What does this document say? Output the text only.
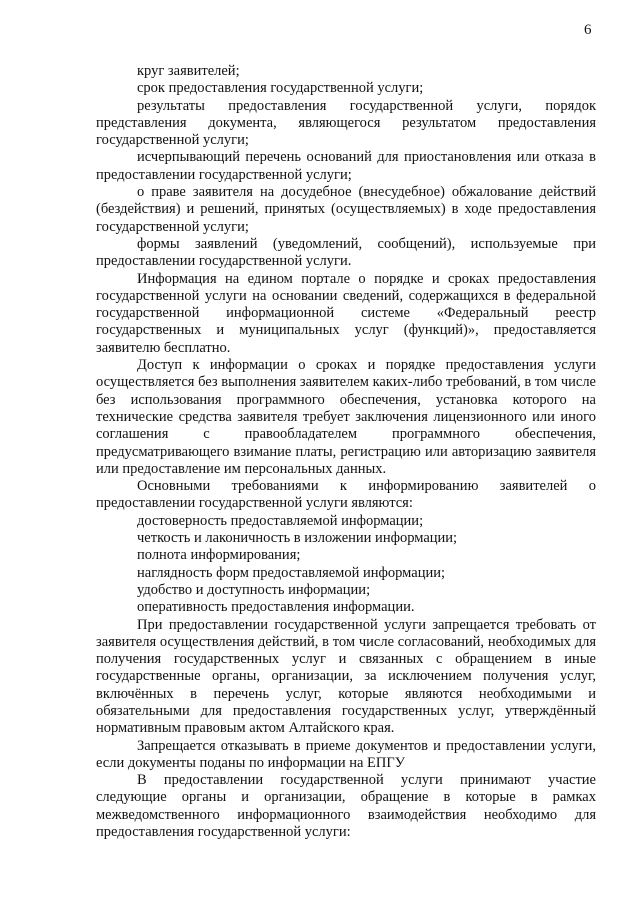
6

круг заявителей;

срок предоставления государственной услуги;

результаты предоставления государственной услуги, порядок представления документа, являющегося результатом предоставления государственной услуги;

исчерпывающий перечень оснований для приостановления или отказа в предоставлении государственной услуги;

о праве заявителя на досудебное (внесудебное) обжалование действий (бездействия) и решений, принятых (осуществляемых) в ходе предоставления государственной услуги;

формы заявлений (уведомлений, сообщений), используемые при предоставлении государственной услуги.

Информация на едином портале о порядке и сроках предоставления государственной услуги на основании сведений, содержащихся в федеральной государственной информационной системе «Федеральный реестр государственных и муниципальных услуг (функций)», предоставляется заявителю бесплатно.

Доступ к информации о сроках и порядке предоставления услуги осуществляется без выполнения заявителем каких-либо требований, в том числе без использования программного обеспечения, установка которого на технические средства заявителя требует заключения лицензионного или иного соглашения с правообладателем программного обеспечения, предусматривающего взимание платы, регистрацию или авторизацию заявителя или предоставление им персональных данных.

Основными требованиями к информированию заявителей о предоставлении государственной услуги являются:

достоверность предоставляемой информации;

четкость и лаконичность в изложении информации;

полнота информирования;

наглядность форм предоставляемой информации;

удобство и доступность информации;

оперативность предоставления информации.

При предоставлении государственной услуги запрещается требовать от заявителя осуществления действий, в том числе согласований, необходимых для получения государственных услуг и связанных с обращением в иные государственные органы, организации, за исключением получения услуг, включённых в перечень услуг, которые являются необходимыми и обязательными для предоставления государственных услуг, утверждённый нормативным правовым актом Алтайского края.

Запрещается отказывать в приеме документов и предоставлении услуги, если документы поданы по информации на ЕПГУ

В предоставлении государственной услуги принимают участие следующие органы и организации, обращение в которые в рамках межведомственного информационного взаимодействия необходимо для предоставления государственной услуги:
